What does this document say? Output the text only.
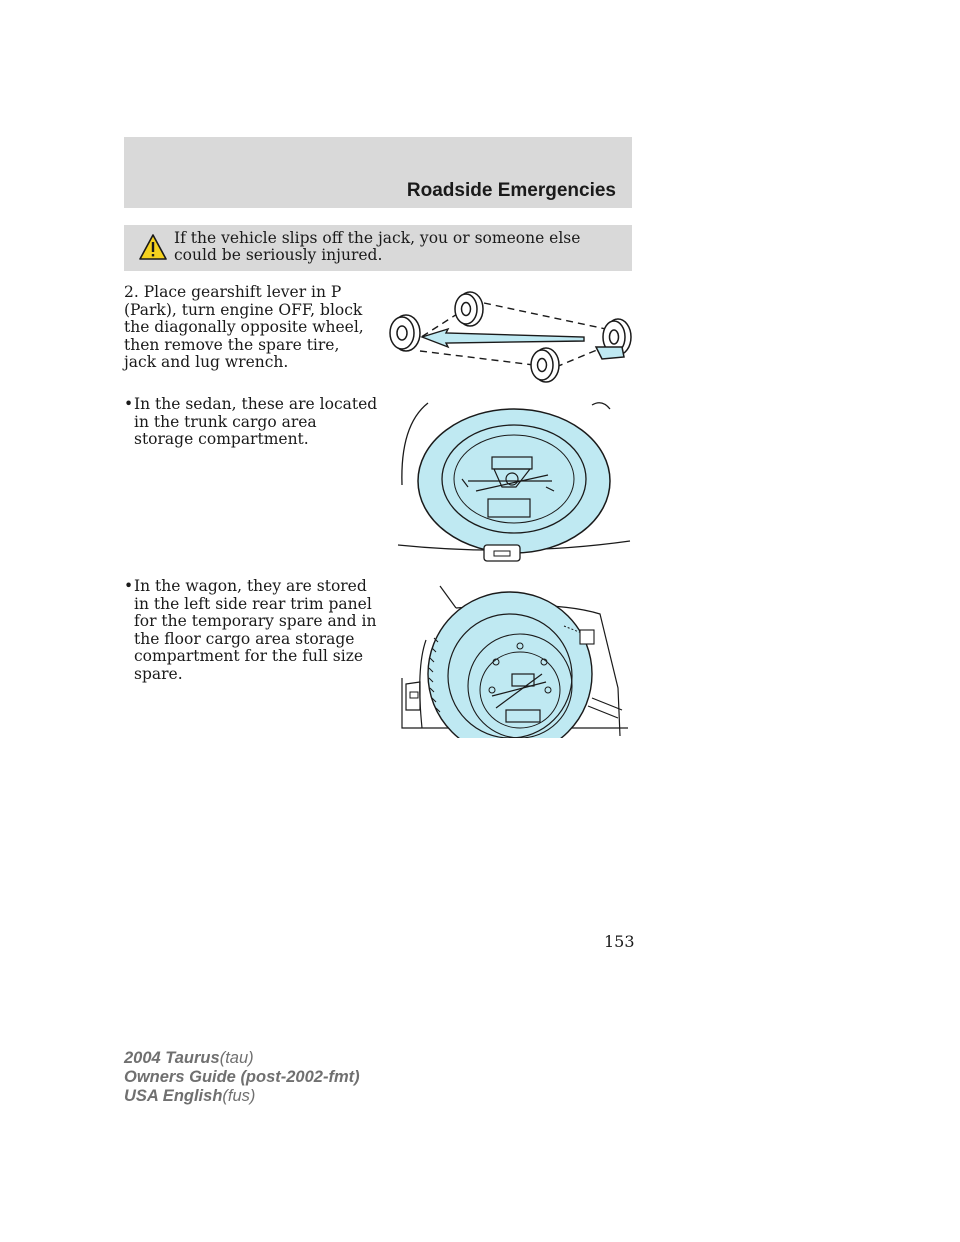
Roadside Emergencies
If the vehicle slips off the jack, you or someone else could be seriously injured.
2. Place gearshift lever in P (Park), turn engine OFF, block the diagonally opposite wheel, then remove the spare tire, jack and lug wrench.
• In the sedan, these are located in the trunk cargo area storage compartment.
• In the wagon, they are stored in the left side rear trim panel for the temporary spare and in the floor cargo area storage compartment for the full size spare.
153
2004 Taurus(tau)
Owners Guide (post-2002-fmt)
USA English(fus)
